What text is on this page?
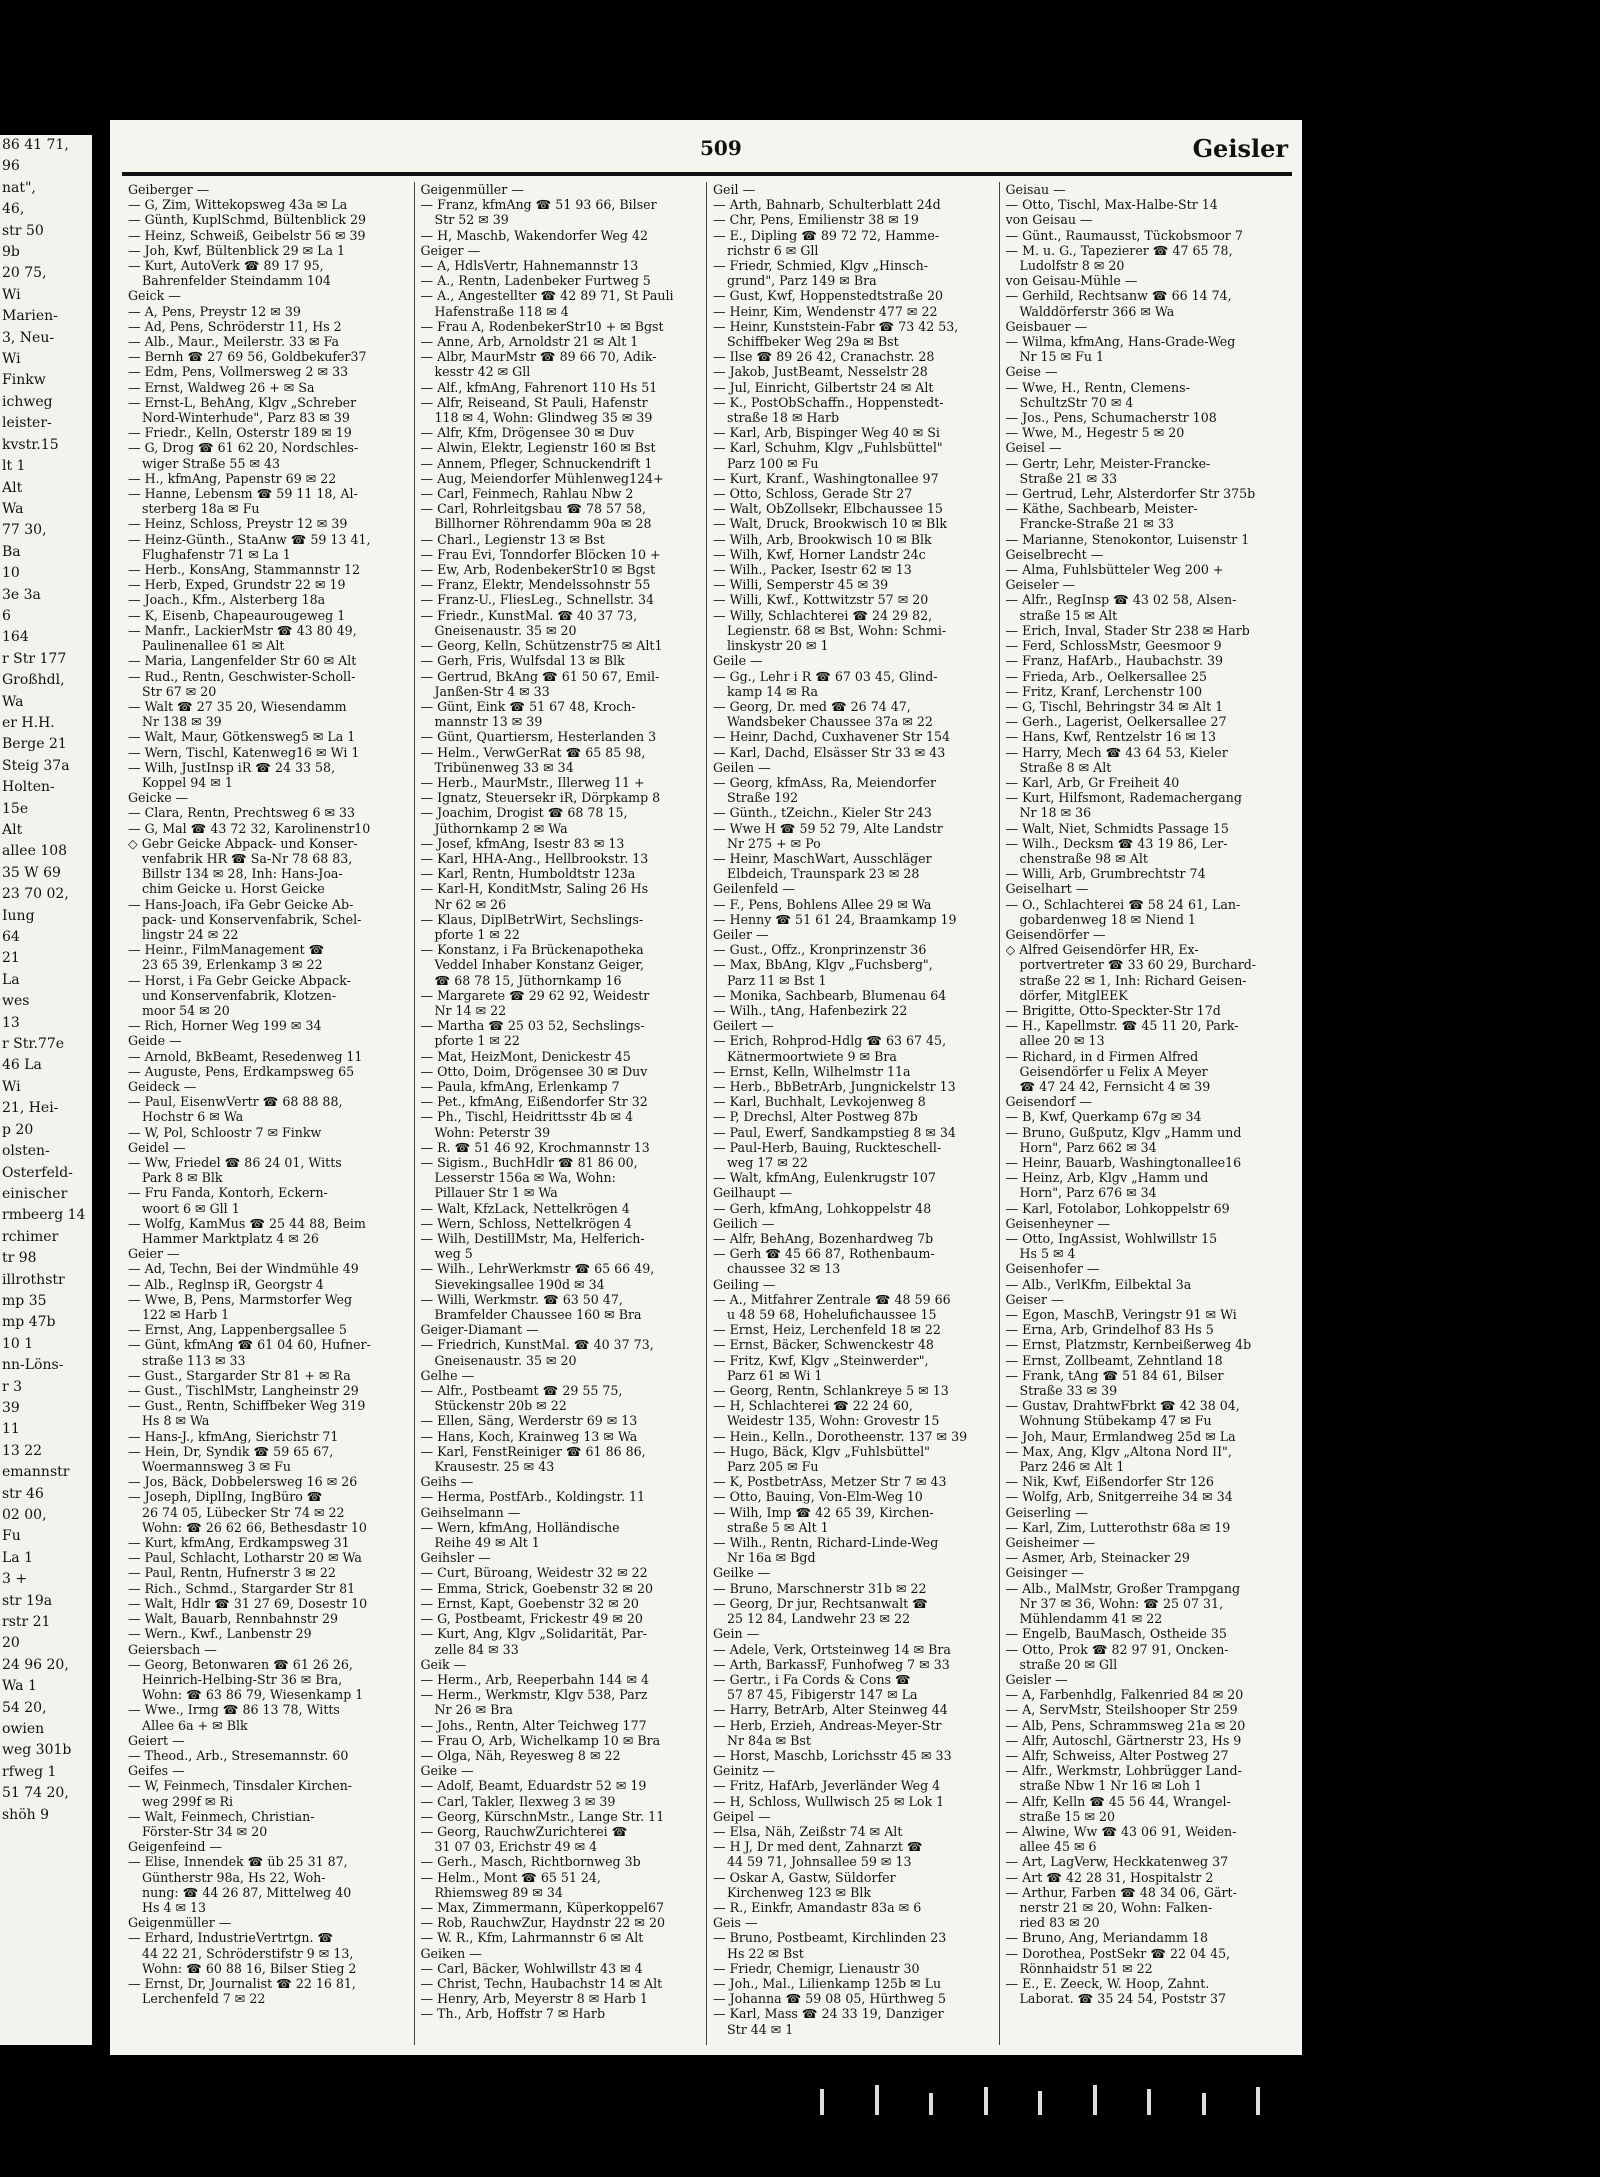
86 41 71,
96
nat",
46,
str 50
9b
20 75,
Wi
Marien-
3, Neu-
Wi
Finkw
ichweg
leister-
kvstr.15
lt 1
Alt
Wa
77 30,
Ba
10
3e 3a
6
164
r Str 177
Großhdl,
Wa
er H.H.
Berge 21
Steig 37a
Holten-
15e
Alt
allee 108
35 W 69
23 70 02,
Iung
64
21
La
wes
13
r Str.77e
46 La
Wi
21, Hei-
p 20
olsten-
Osterfeld-
einischer
rmbeerg 14
rchimer
tr 98
illrothstr
mp 35
mp 47b
10 1
nn-Löns-
r 3
39
11
13 22
emannstr
str 46
02 00,
Fu
La 1
3 +
str 19a
rstr 21
20
24 96 20,
Wa 1
54 20,
owien
weg 301b
rfweg 1
51 74 20,
shöh 9
509	Geisler
Geiberger —
— G, Zim, Wittekopsweg 43a ✉ La
— Günth, KuplSchmd, Bültenblick 29
— Heinz, Schweiß, Geibelstr 56 ✉ 39
— Joh, Kwf, Bültenblick 29 ✉ La 1
— Kurt, AutoVerk ☎ 89 17 95,
Bahrenfelder Steindamm 104
Geick —
— A, Pens, Preystr 12 ✉ 39
— Ad, Pens, Schröderstr 11, Hs 2
— Alb., Maur., Meilerstr. 33 ✉ Fa
— Bernh ☎ 27 69 56, Goldbekufer37
— Edm, Pens, Vollmersweg 2 ✉ 33
— Ernst, Waldweg 26 + ✉ Sa
— Ernst-L, BehAng, Klgv „Schreber
Nord-Winterhude", Parz 83 ✉ 39
— Friedr., Kelln, Osterstr 189 ✉ 19
— G, Drog ☎ 61 62 20, Nordschles-
wiger Straße 55 ✉ 43
— H., kfmAng, Papenstr 69 ✉ 22
— Hanne, Lebensm ☎ 59 11 18, Al-
sterberg 18a ✉ Fu
— Heinz, Schloss, Preystr 12 ✉ 39
— Heinz-Günth., StaAnw ☎ 59 13 41,
Flughafenstr 71 ✉ La 1
— Herb., KonsAng, Stammannstr 12
— Herb, Exped, Grundstr 22 ✉ 19
— Joach., Kfm., Alsterberg 18a
— K, Eisenb, Chapeaurougeweg 1
— Manfr., LackierMstr ☎ 43 80 49,
Paulinenallee 61 ✉ Alt
— Maria, Langenfelder Str 60 ✉ Alt
— Rud., Rentn, Geschwister-Scholl-
Str 67 ✉ 20
— Walt ☎ 27 35 20, Wiesendamm
Nr 138 ✉ 39
— Walt, Maur, Götkensweg5 ✉ La 1
— Wern, Tischl, Katenweg16 ✉ Wi 1
— Wilh, JustInsp iR ☎ 24 33 58,
Koppel 94 ✉ 1
Geicke —
— Clara, Rentn, Prechtsweg 6 ✉ 33
— G, Mal ☎ 43 72 32, Karolinenstr10
◇ Gebr Geicke Abpack- und Konser-
venfabrik HR ☎ Sa-Nr 78 68 83,
Billstr 134 ✉ 28, Inh: Hans-Joa-
chim Geicke u. Horst Geicke
— Hans-Joach, iFa Gebr Geicke Ab-
pack- und Konservenfabrik, Schel-
lingstr 24 ✉ 22
— Heinr., FilmManagement ☎
23 65 39, Erlenkamp 3 ✉ 22
— Horst, i Fa Gebr Geicke Abpack-
und Konservenfabrik, Klotzen-
moor 54 ✉ 20
— Rich, Horner Weg 199 ✉ 34
Geide —
— Arnold, BkBeamt, Resedenweg 11
— Auguste, Pens, Erdkampsweg 65
Geideck —
— Paul, EisenwVertr ☎ 68 88 88,
Hochstr 6 ✉ Wa
— W, Pol, Schloostr 7 ✉ Finkw
Geidel —
— Ww, Friedel ☎ 86 24 01, Witts
Park 8 ✉ Blk
— Fru Fanda, Kontorh, Eckern-
woort 6 ✉ Gll 1
— Wolfg, KamMus ☎ 25 44 88, Beim
Hammer Marktplatz 4 ✉ 26
Geier —
— Ad, Techn, Bei der Windmühle 49
— Alb., Reglnsp iR, Georgstr 4
— Wwe, B, Pens, Marmstorfer Weg
122 ✉ Harb 1
— Ernst, Ang, Lappenbergsallee 5
— Günt, kfmAng ☎ 61 04 60, Hufner-
straße 113 ✉ 33
— Gust., Stargarder Str 81 + ✉ Ra
— Gust., TischlMstr, Langheinstr 29
— Gust., Rentn, Schiffbeker Weg 319
Hs 8 ✉ Wa
— Hans-J., kfmAng, Sierichstr 71
— Hein, Dr, Syndik ☎ 59 65 67,
Woermannsweg 3 ✉ Fu
— Jos, Bäck, Dobbelersweg 16 ✉ 26
— Joseph, DiplIng, IngBüro ☎
26 74 05, Lübecker Str 74 ✉ 22
Wohn: ☎ 26 62 66, Bethesdastr 10
— Kurt, kfmAng, Erdkampsweg 31
— Paul, Schlacht, Lotharstr 20 ✉ Wa
— Paul, Rentn, Hufnerstr 3 ✉ 22
— Rich., Schmd., Stargarder Str 81
— Walt, Hdlr ☎ 31 27 69, Dosestr 10
— Walt, Bauarb, Rennbahnstr 29
— Wern., Kwf., Lanbenstr 29
Geiersbach —
— Georg, Betonwaren ☎ 61 26 26,
Heinrich-Helbing-Str 36 ✉ Bra,
Wohn: ☎ 63 86 79, Wiesenkamp 1
— Wwe., Irmg ☎ 86 13 78, Witts
Allee 6a + ✉ Blk
Geiert —
— Theod., Arb., Stresemannstr. 60
Geifes —
— W, Feinmech, Tinsdaler Kirchen-
weg 299f ✉ Ri
— Walt, Feinmech, Christian-
Förster-Str 34 ✉ 20
Geigenfeind —
— Elise, Innendek ☎ üb 25 31 87,
Güntherstr 98a, Hs 22, Woh-
nung: ☎ 44 26 87, Mittelweg 40
Hs 4 ✉ 13
Geigenmüller —
— Erhard, IndustrieVertrtgn. ☎
44 22 21, Schröderstifstr 9 ✉ 13,
Wohn: ☎ 60 88 16, Bilser Stieg 2
— Ernst, Dr, Journalist ☎ 22 16 81,
Lerchenfeld 7 ✉ 22
Geigenmüller —
— Franz, kfmAng ☎ 51 93 66, Bilser
Str 52 ✉ 39
— H, Maschb, Wakendorfer Weg 42
Geiger —
— A, HdlsVertr, Hahnemannstr 13
— A., Rentn, Ladenbeker Furtweg 5
— A., Angestellter ☎ 42 89 71, St Pauli
Hafenstraße 118 ✉ 4
— Frau A, RodenbekerStr10 + ✉ Bgst
— Anne, Arb, Arnoldstr 21 ✉ Alt 1
— Albr, MaurMstr ☎ 89 66 70, Adik-
kesstr 42 ✉ Gll
— Alf., kfmAng, Fahrenort 110 Hs 51
— Alfr, Reiseand, St Pauli, Hafenstr
118 ✉ 4, Wohn: Glindweg 35 ✉ 39
— Alfr, Kfm, Drögensee 30 ✉ Duv
— Alwin, Elektr, Legienstr 160 ✉ Bst
— Annem, Pfleger, Schnuckendrift 1
— Aug, Meiendorfer Mühlenweg124+
— Carl, Feinmech, Rahlau Nbw 2
— Carl, Rohrleitgsbau ☎ 78 57 58,
Billhorner Röhrendamm 90a ✉ 28
— Charl., Legienstr 13 ✉ Bst
— Frau Evi, Tonndorfer Blöcken 10 +
— Ew, Arb, RodenbekerStr10 ✉ Bgst
— Franz, Elektr, Mendelssohnstr 55
— Franz-U., FliesLeg., Schnellstr. 34
— Friedr., KunstMal. ☎ 40 37 73,
Gneisenaustr. 35 ✉ 20
— Georg, Kelln, Schützenstr75 ✉ Alt1
— Gerh, Fris, Wulfsdal 13 ✉ Blk
— Gertrud, BkAng ☎ 61 50 67, Emil-
Janßen-Str 4 ✉ 33
— Günt, Eink ☎ 51 67 48, Kroch-
mannstr 13 ✉ 39
— Günt, Quartiersm, Hesterlanden 3
— Helm., VerwGerRat ☎ 65 85 98,
Tribünenweg 33 ✉ 34
— Herb., MaurMstr., Illerweg 11 +
— Ignatz, Steuersekr iR, Dörpkamp 8
— Joachim, Drogist ☎ 68 78 15,
Jüthornkamp 2 ✉ Wa
— Josef, kfmAng, Isestr 83 ✉ 13
— Karl, HHA-Ang., Hellbrookstr. 13
— Karl, Rentn, Humboldtstr 123a
— Karl-H, KonditMstr, Saling 26 Hs
Nr 62 ✉ 26
— Klaus, DiplBetrWirt, Sechslings-
pforte 1 ✉ 22
— Konstanz, i Fa Brückenapotheka
Veddel Inhaber Konstanz Geiger,
☎ 68 78 15, Jüthornkamp 16
— Margarete ☎ 29 62 92, Weidestr
Nr 14 ✉ 22
— Martha ☎ 25 03 52, Sechslings-
pforte 1 ✉ 22
— Mat, HeizMont, Denickestr 45
— Otto, Doim, Drögensee 30 ✉ Duv
— Paula, kfmAng, Erlenkamp 7
— Pet., kfmAng, Eißendorfer Str 32
— Ph., Tischl, Heidrittsstr 4b ✉ 4
Wohn: Peterstr 39
— R. ☎ 51 46 92, Krochmannstr 13
— Sigism., BuchHdlr ☎ 81 86 00,
Lesserstr 156a ✉ Wa, Wohn:
Pillauer Str 1 ✉ Wa
— Walt, KfzLack, Nettelkrögen 4
— Wern, Schloss, Nettelkrögen 4
— Wilh, DestillMstr, Ma, Helferich-
weg 5
— Wilh., LehrWerkmstr ☎ 65 66 49,
Sievekingsallee 190d ✉ 34
— Willi, Werkmstr. ☎ 63 50 47,
Bramfelder Chaussee 160 ✉ Bra
Geiger-Diamant —
— Friedrich, KunstMal. ☎ 40 37 73,
Gneisenaustr. 35 ✉ 20
Gelhe —
— Alfr., Postbeamt ☎ 29 55 75,
Stückenstr 20b ✉ 22
— Ellen, Säng, Werderstr 69 ✉ 13
— Hans, Koch, Krainweg 13 ✉ Wa
— Karl, FenstReiniger ☎ 61 86 86,
Krausestr. 25 ✉ 43
Geihs —
— Herma, PostfArb., Koldingstr. 11
Geihselmann —
— Wern, kfmAng, Holländische
Reihe 49 ✉ Alt 1
Geihsler —
— Curt, Büroang, Weidestr 32 ✉ 22
— Emma, Strick, Goebenstr 32 ✉ 20
— Ernst, Kapt, Goebenstr 32 ✉ 20
— G, Postbeamt, Frickestr 49 ✉ 20
— Kurt, Ang, Klgv „Solidarität, Par-
zelle 84 ✉ 33
Geik —
— Herm., Arb, Reeperbahn 144 ✉ 4
— Herm., Werkmstr, Klgv 538, Parz
Nr 26 ✉ Bra
— Johs., Rentn, Alter Teichweg 177
— Frau O, Arb, Wichelkamp 10 ✉ Bra
— Olga, Näh, Reyesweg 8 ✉ 22
Geike —
— Adolf, Beamt, Eduardstr 52 ✉ 19
— Carl, Takler, Ilexweg 3 ✉ 39
— Georg, KürschnMstr., Lange Str. 11
— Georg, RauchwZurichterei ☎
31 07 03, Erichstr 49 ✉ 4
— Gerh., Masch, Richtbornweg 3b
— Helm., Mont ☎ 65 51 24,
Rhiemsweg 89 ✉ 34
— Max, Zimmermann, Küperkoppel67
— Rob, RauchwZur, Haydnstr 22 ✉ 20
— W. R., Kfm, Lahrmannstr 6 ✉ Alt
Geiken —
— Carl, Bäcker, Wohlwillstr 43 ✉ 4
— Christ, Techn, Haubachstr 14 ✉ Alt
— Henry, Arb, Meyerstr 8 ✉ Harb 1
— Th., Arb, Hoffstr 7 ✉ Harb
Geil —
— Arth, Bahnarb, Schulterblatt 24d
— Chr, Pens, Emilienstr 38 ✉ 19
— E., Dipling ☎ 89 72 72, Hamme-
richstr 6 ✉ Gll
— Friedr, Schmied, Klgv „Hinsch-
grund", Parz 149 ✉ Bra
— Gust, Kwf, Hoppenstedtstraße 20
— Heinr, Kim, Wendenstr 477 ✉ 22
— Heinr, Kunststein-Fabr ☎ 73 42 53,
Schiffbeker Weg 29a ✉ Bst
— Ilse ☎ 89 26 42, Cranachstr. 28
— Jakob, JustBeamt, Nesselstr 28
— Jul, Einricht, Gilbertstr 24 ✉ Alt
— K., PostObSchaffn., Hoppenstedt-
straße 18 ✉ Harb
— Karl, Arb, Bispinger Weg 40 ✉ Si
— Karl, Schuhm, Klgv „Fuhlsbüttel"
Parz 100 ✉ Fu
— Kurt, Kranf., Washingtonallee 97
— Otto, Schloss, Gerade Str 27
— Walt, ObZollsekr, Elbchaussee 15
— Walt, Druck, Brookwisch 10 ✉ Blk
— Wilh, Arb, Brookwisch 10 ✉ Blk
— Wilh, Kwf, Horner Landstr 24c
— Wilh., Packer, Isestr 62 ✉ 13
— Willi, Semperstr 45 ✉ 39
— Willi, Kwf., Kottwitzstr 57 ✉ 20
— Willy, Schlachterei ☎ 24 29 82,
Legienstr. 68 ✉ Bst, Wohn: Schmi-
linskystr 20 ✉ 1
Geile —
— Gg., Lehr i R ☎ 67 03 45, Glind-
kamp 14 ✉ Ra
— Georg, Dr. med ☎ 26 74 47,
Wandsbeker Chaussee 37a ✉ 22
— Heinr, Dachd, Cuxhavener Str 154
— Karl, Dachd, Elsässer Str 33 ✉ 43
Geilen —
— Georg, kfmAss, Ra, Meiendorfer
Straße 192
— Günth., tZeichn., Kieler Str 243
— Wwe H ☎ 59 52 79, Alte Landstr
Nr 275 + ✉ Po
— Heinr, MaschWart, Ausschläger
Elbdeich, Traunspark 23 ✉ 28
Geilenfeld —
— F., Pens, Bohlens Allee 29 ✉ Wa
— Henny ☎ 51 61 24, Braamkamp 19
Geiler —
— Gust., Offz., Kronprinzenstr 36
— Max, BbAng, Klgv „Fuchsberg",
Parz 11 ✉ Bst 1
— Monika, Sachbearb, Blumenau 64
— Wilh., tAng, Hafenbezirk 22
Geilert —
— Erich, Rohprod-Hdlg ☎ 63 67 45,
Kätnermoortwiete 9 ✉ Bra
— Ernst, Kelln, Wilhelmstr 11a
— Herb., BbBetrArb, Jungnickelstr 13
— Karl, Buchhalt, Levkojenweg 8
— P, Drechsl, Alter Postweg 87b
— Paul, Ewerf, Sandkampstieg 8 ✉ 34
— Paul-Herb, Bauing, Ruckteschell-
weg 17 ✉ 22
— Walt, kfmAng, Eulenkrugstr 107
Geilhaupt —
— Gerh, kfmAng, Lohkoppelstr 48
Geilich —
— Alfr, BehAng, Bozenhardweg 7b
— Gerh ☎ 45 66 87, Rothenbaum-
chaussee 32 ✉ 13
Geiling —
— A., Mitfahrer Zentrale ☎ 48 59 66
u 48 59 68, Hohelufichaussee 15
— Ernst, Heiz, Lerchenfeld 18 ✉ 22
— Ernst, Bäcker, Schwenckestr 48
— Fritz, Kwf, Klgv „Steinwerder",
Parz 61 ✉ Wi 1
— Georg, Rentn, Schlankreye 5 ✉ 13
— H, Schlachterei ☎ 22 24 60,
Weidestr 135, Wohn: Grovestr 15
— Hein., Kelln., Dorotheenstr. 137 ✉ 39
— Hugo, Bäck, Klgv „Fuhlsbüttel"
Parz 205 ✉ Fu
— K, PostbetrAss, Metzer Str 7 ✉ 43
— Otto, Bauing, Von-Elm-Weg 10
— Wilh, Imp ☎ 42 65 39, Kirchen-
straße 5 ✉ Alt 1
— Wilh., Rentn, Richard-Linde-Weg
Nr 16a ✉ Bgd
Geilke —
— Bruno, Marschnerstr 31b ✉ 22
— Georg, Dr jur, Rechtsanwalt ☎
25 12 84, Landwehr 23 ✉ 22
Gein —
— Adele, Verk, Ortsteinweg 14 ✉ Bra
— Arth, BarkassF, Funhofweg 7 ✉ 33
— Gertr., i Fa Cords & Cons ☎
57 87 45, Fibigerstr 147 ✉ La
— Harry, BetrArb, Alter Steinweg 44
— Herb, Erzieh, Andreas-Meyer-Str
Nr 84a ✉ Bst
— Horst, Maschb, Lorichsstr 45 ✉ 33
Geinitz —
— Fritz, HafArb, Jeverländer Weg 4
— H, Schloss, Wullwisch 25 ✉ Lok 1
Geipel —
— Elsa, Näh, Zeißstr 74 ✉ Alt
— H J, Dr med dent, Zahnarzt ☎
44 59 71, Johnsallee 59 ✉ 13
— Oskar A, Gastw, Süldorfer
Kirchenweg 123 ✉ Blk
— R., Einkfr, Amandastr 83a ✉ 6
Geis —
— Bruno, Postbeamt, Kirchlinden 23
Hs 22 ✉ Bst
— Friedr, Chemigr, Lienaustr 30
— Joh., Mal., Lilienkamp 125b ✉ Lu
— Johanna ☎ 59 08 05, Hürthweg 5
— Karl, Mass ☎ 24 33 19, Danziger
Str 44 ✉ 1
Geisau —
— Otto, Tischl, Max-Halbe-Str 14
von Geisau —
— Günt., Raumausst, Tückobsmoor 7
— M. u. G., Tapezierer ☎ 47 65 78,
Ludolfstr 8 ✉ 20
von Geisau-Mühle —
— Gerhild, Rechtsanw ☎ 66 14 74,
Walddörferstr 366 ✉ Wa
Geisbauer —
— Wilma, kfmAng, Hans-Grade-Weg
Nr 15 ✉ Fu 1
Geise —
— Wwe, H., Rentn, Clemens-
SchultzStr 70 ✉ 4
— Jos., Pens, Schumacherstr 108
— Wwe, M., Hegestr 5 ✉ 20
Geisel —
— Gertr, Lehr, Meister-Francke-
Straße 21 ✉ 33
— Gertrud, Lehr, Alsterdorfer Str 375b
— Käthe, Sachbearb, Meister-
Francke-Straße 21 ✉ 33
— Marianne, Stenokontor, Luisenstr 1
Geiselbrecht —
— Alma, Fuhlsbütteler Weg 200 +
Geiseler —
— Alfr., RegInsp ☎ 43 02 58, Alsen-
straße 15 ✉ Alt
— Erich, Inval, Stader Str 238 ✉ Harb
— Ferd, SchlossMstr, Geesmoor 9
— Franz, HafArb., Haubachstr. 39
— Frieda, Arb., Oelkersallee 25
— Fritz, Kranf, Lerchenstr 100
— G, Tischl, Behringstr 34 ✉ Alt 1
— Gerh., Lagerist, Oelkersallee 27
— Hans, Kwf, Rentzelstr 16 ✉ 13
— Harry, Mech ☎ 43 64 53, Kieler
Straße 8 ✉ Alt
— Karl, Arb, Gr Freiheit 40
— Kurt, Hilfsmont, Rademachergang
Nr 18 ✉ 36
— Walt, Niet, Schmidts Passage 15
— Wilh., Decksm ☎ 43 19 86, Ler-
chenstraße 98 ✉ Alt
— Willi, Arb, Grumbrechtstr 74
Geiselhart —
— O., Schlachterei ☎ 58 24 61, Lan-
gobardenweg 18 ✉ Niend 1
Geisendörfer —
◇ Alfred Geisendörfer HR, Ex-
portvertreter ☎ 33 60 29, Burchard-
straße 22 ✉ 1, Inh: Richard Geisen-
dörfer, MitglEEK
— Brigitte, Otto-Speckter-Str 17d
— H., Kapellmstr. ☎ 45 11 20, Park-
allee 20 ✉ 13
— Richard, in d Firmen Alfred
Geisendörfer u Felix A Meyer
☎ 47 24 42, Fernsicht 4 ✉ 39
Geisendorf —
— B, Kwf, Querkamp 67g ✉ 34
— Bruno, Gußputz, Klgv „Hamm und
Horn", Parz 662 ✉ 34
— Heinr, Bauarb, Washingtonallee16
— Heinz, Arb, Klgv „Hamm und
Horn", Parz 676 ✉ 34
— Karl, Fotolabor, Lohkoppelstr 69
Geisenheyner —
— Otto, IngAssist, Wohlwillstr 15
Hs 5 ✉ 4
Geisenhofer —
— Alb., VerlKfm, Eilbektal 3a
Geiser —
— Egon, MaschB, Veringstr 91 ✉ Wi
— Erna, Arb, Grindelhof 83 Hs 5
— Ernst, Platzmstr, Kernbeißerweg 4b
— Ernst, Zollbeamt, Zehntland 18
— Frank, tAng ☎ 51 84 61, Bilser
Straße 33 ✉ 39
— Gustav, DrahtwFbrkt ☎ 42 38 04,
Wohnung Stübekamp 47 ✉ Fu
— Joh, Maur, Ermlandweg 25d ✉ La
— Max, Ang, Klgv „Altona Nord II",
Parz 246 ✉ Alt 1
— Nik, Kwf, Eißendorfer Str 126
— Wolfg, Arb, Snitgerreihe 34 ✉ 34
Geiserling —
— Karl, Zim, Lutterothstr 68a ✉ 19
Geisheimer —
— Asmer, Arb, Steinacker 29
Geisinger —
— Alb., MalMstr, Großer Trampgang
Nr 37 ✉ 36, Wohn: ☎ 25 07 31,
Mühlendamm 41 ✉ 22
— Engelb, BauMasch, Ostheide 35
— Otto, Prok ☎ 82 97 91, Oncken-
straße 20 ✉ Gll
Geisler —
— A, Farbenhdlg, Falkenried 84 ✉ 20
— A, ServMstr, Steilshooper Str 259
— Alb, Pens, Schrammsweg 21a ✉ 20
— Alfr, Autoschl, Gärtnerstr 23, Hs 9
— Alfr, Schweiss, Alter Postweg 27
— Alfr., Werkmstr, Lohbrügger Land-
straße Nbw 1 Nr 16 ✉ Loh 1
— Alfr, Kelln ☎ 45 56 44, Wrangel-
straße 15 ✉ 20
— Alwine, Ww ☎ 43 06 91, Weiden-
allee 45 ✉ 6
— Art, LagVerw, Heckkatenweg 37
— Art ☎ 42 28 31, Hospitalstr 2
— Arthur, Farben ☎ 48 34 06, Gärt-
nerstr 21 ✉ 20, Wohn: Falken-
ried 83 ✉ 20
— Bruno, Ang, Meriandamm 18
— Dorothea, PostSekr ☎ 22 04 45,
Rönnhaidstr 51 ✉ 22
— E., E. Zeeck, W. Hoop, Zahnt.
Laborat. ☎ 35 24 54, Poststr 37
